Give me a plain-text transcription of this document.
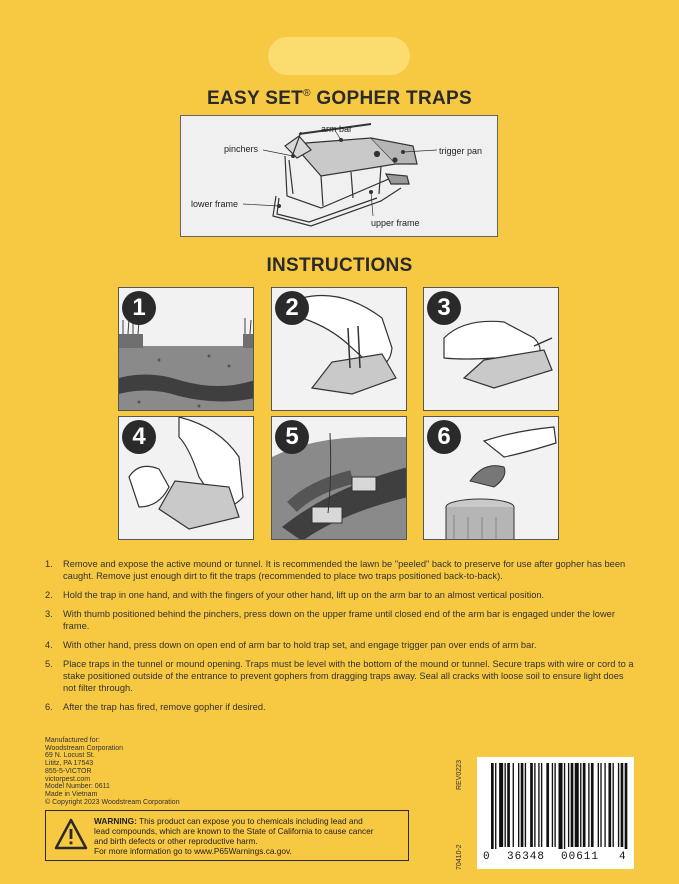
EASY SET® GOPHER TRAPS
pinchers
arm bar
trigger pan
lower frame
upper frame
INSTRUCTIONS
1	2	3
4	5	6
1. Remove and expose the active mound or tunnel. It is recommended the lawn be "peeled" back to preserve for use after gopher has been caught. Remove just enough dirt to fit the traps (recommended to place two traps positioned back-to-back).
2. Hold the trap in one hand, and with the fingers of your other hand, lift up on the arm bar to an almost vertical position.
3. With thumb positioned behind the pinchers, press down on the upper frame until closed end of the arm bar is engaged under the lower frame.
4. With other hand, press down on open end of arm bar to hold trap set, and engage trigger pan over ends of arm bar.
5. Place traps in the tunnel or mound opening. Traps must be level with the bottom of the mound or tunnel. Secure traps with wire or cord to a stake positioned outside of the entrance to prevent gophers from dragging traps away. Seal all cracks with loose soil to ensure light does not filter through.
6. After the trap has fired, remove gopher if desired.
Manufactured for:
Woodstream Corporation
69 N. Locust St.
Lititz, PA 17543
855-5-VICTOR
victorpest.com
Model Number: 0611
Made in Vietnam
© Copyright 2023 Woodstream Corporation
WARNING: This product can expose you to chemicals including lead and
lead compounds, which are known to the State of California to cause cancer
and birth defects or other reproductive harm.
For more information go to www.P65Warnings.ca.gov.
REV0223
70410-2 0 36348 00611 4
